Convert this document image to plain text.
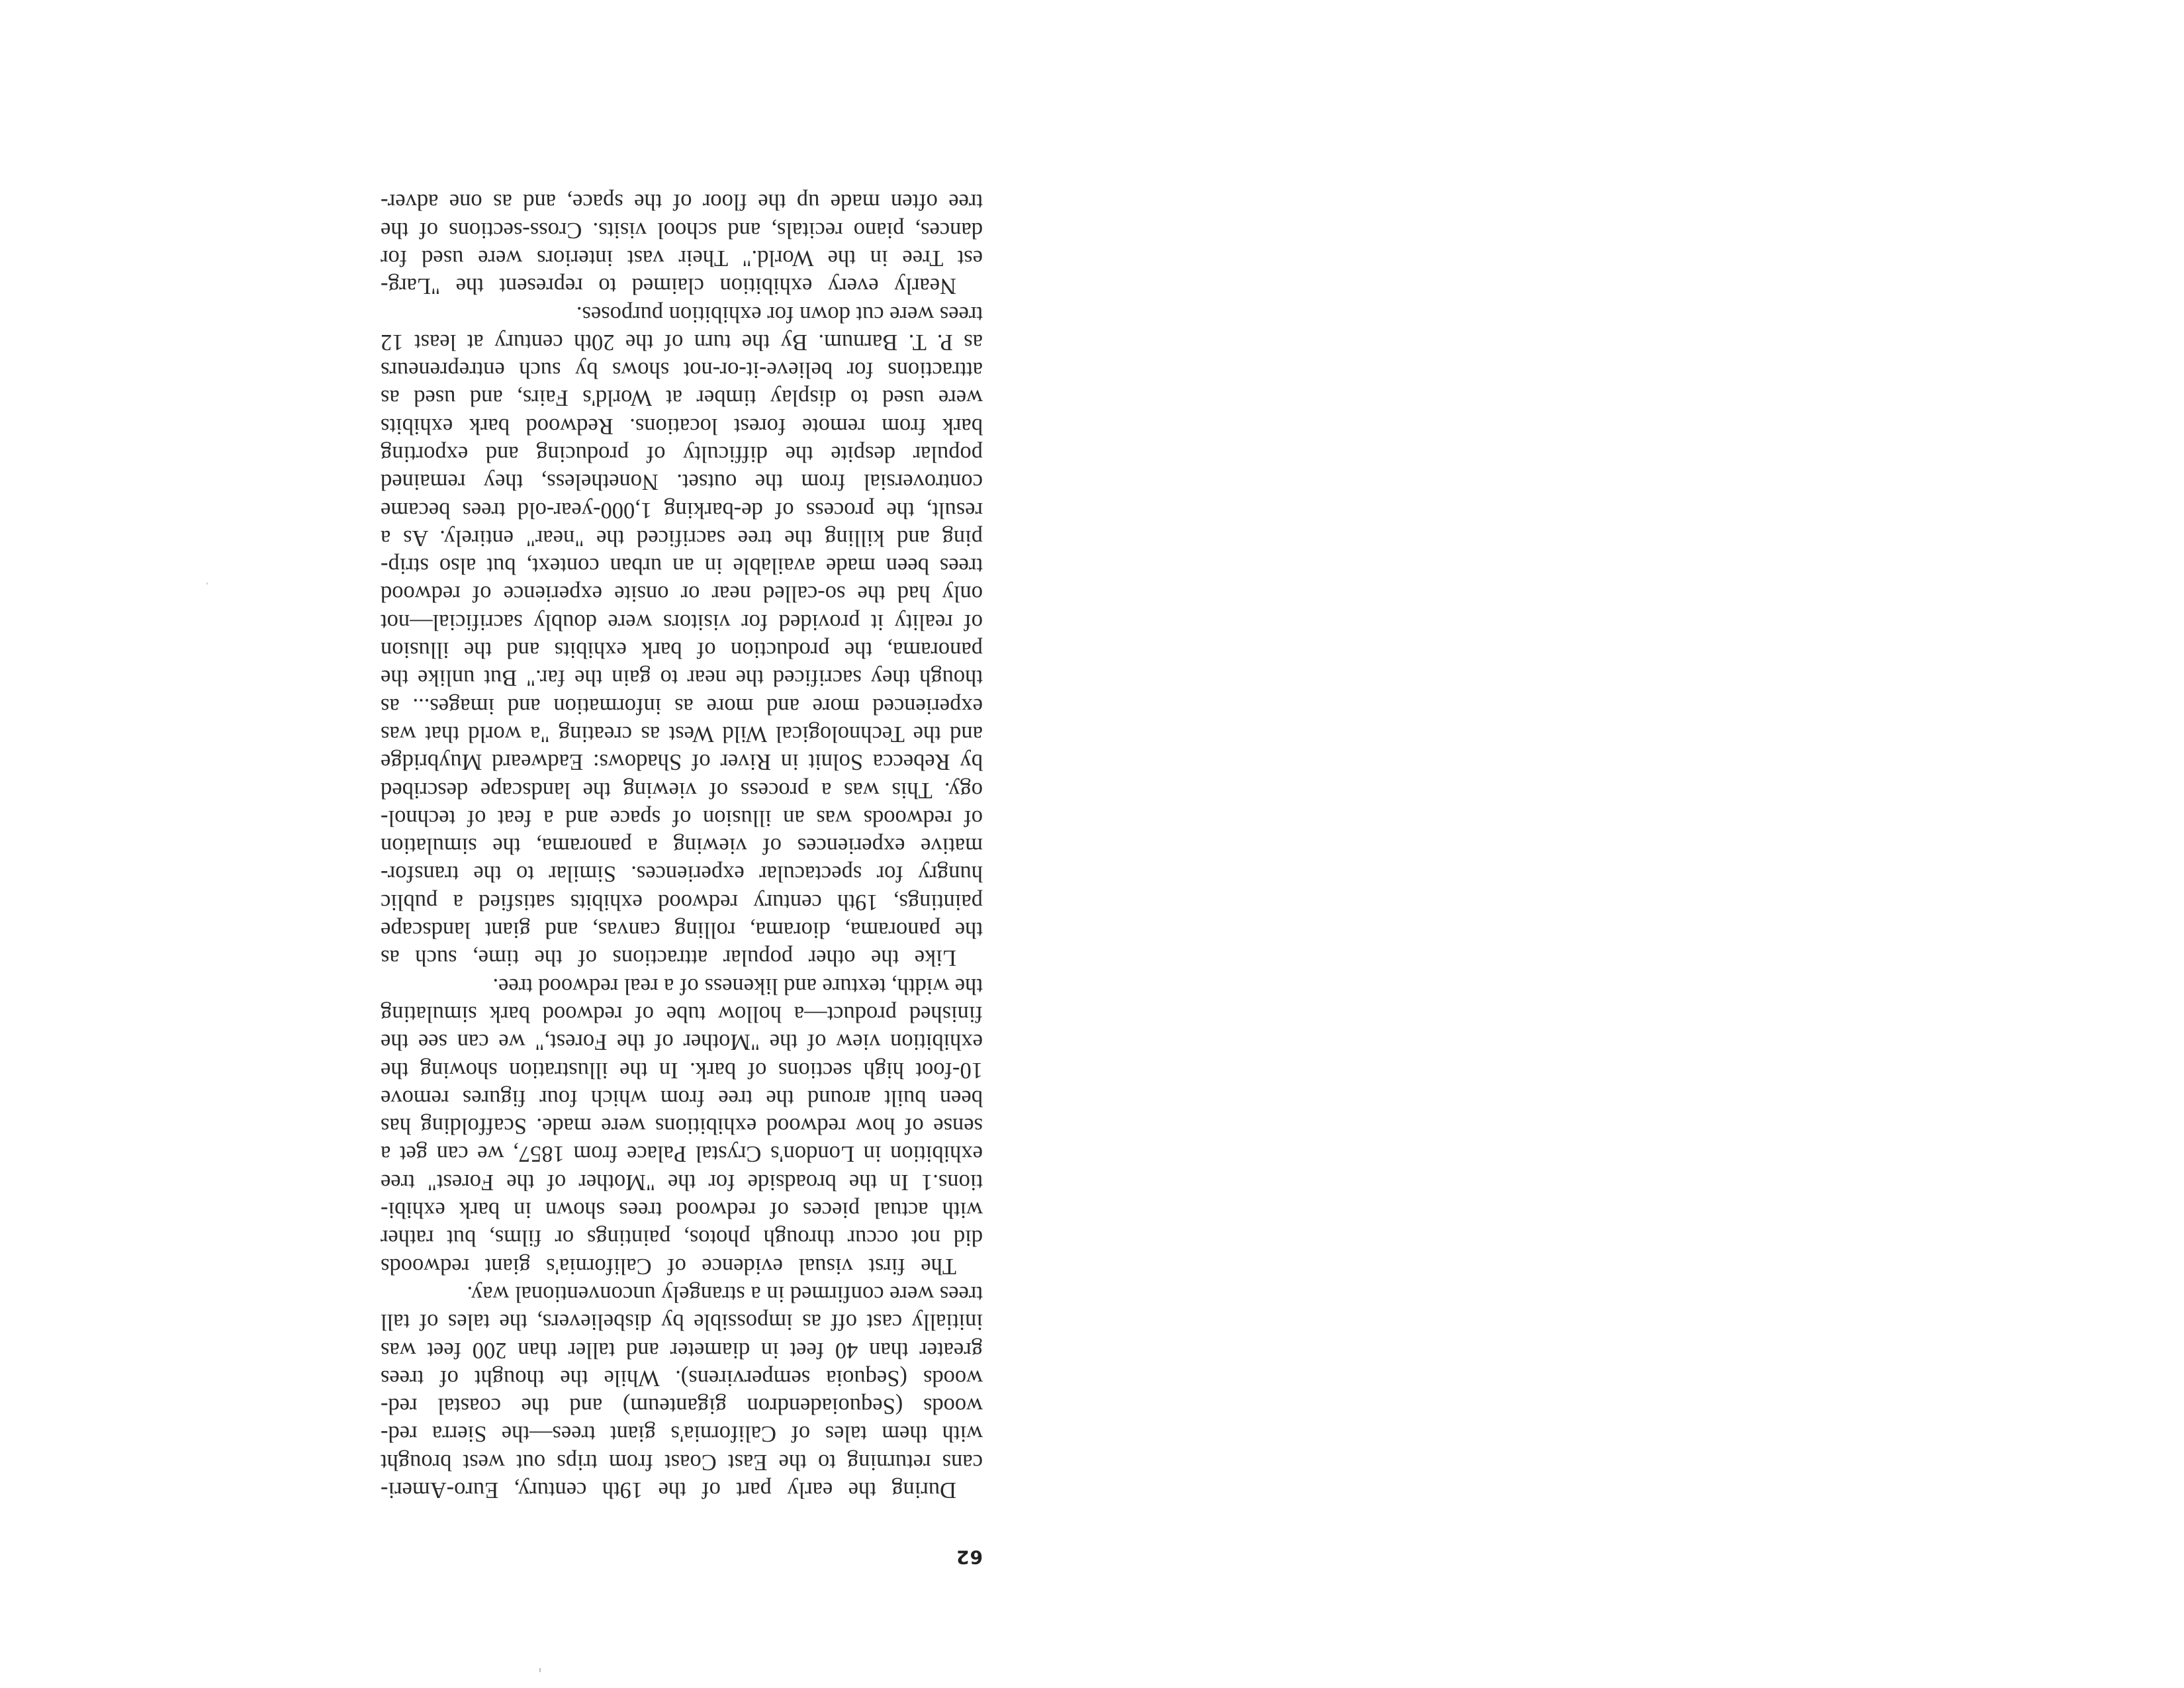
62
During the early part of the 19th century, Euro-Ameri-
cans returning to the East Coast from trips out west brought
with them tales of California's giant trees—the Sierra red-
woods (Sequoiadendron giganteum) and the coastal red-
woods (Sequoia sempervirens). While the thought of trees
greater than 40 feet in diameter and taller than 200 feet was
initially cast off as impossible by disbelievers, the tales of tall
trees were confirmed in a strangely unconventional way.
The first visual evidence of California's giant redwoods
did not occur through photos, paintings or films, but rather
with actual pieces of redwood trees shown in bark exhibi-
tions.1 In the broadside for the "Mother of the Forest" tree
exhibition in London's Crystal Palace from 1857, we can get a
sense of how redwood exhibitions were made. Scaffolding has
been built around the tree from which four figures remove
10-foot high sections of bark. In the illustration showing the
exhibition view of the "Mother of the Forest," we can see the
finished product—a hollow tube of redwood bark simulating
the width, texture and likeness of a real redwood tree.
Like the other popular attractions of the time, such as
the panorama, diorama, rolling canvas, and giant landscape
paintings, 19th century redwood exhibits satisfied a public
hungry for spectacular experiences. Similar to the transfor-
mative experiences of viewing a panorama, the simulation
of redwoods was an illusion of space and a feat of technol-
ogy. This was a process of viewing the landscape described
by Rebecca Solnit in River of Shadows: Eadweard Muybridge
and the Technological Wild West as creating "a world that was
experienced more and more as information and images... as
though they sacrificed the near to gain the far." But unlike the
panorama, the production of bark exhibits and the illusion
of reality it provided for visitors were doubly sacrificial—not
only had the so-called near or onsite experience of redwood
trees been made available in an urban context, but also strip-
ping and killing the tree sacrificed the "near" entirely. As a
result, the process of de-barking 1,000-year-old trees became
controversial from the outset. Nonetheless, they remained
popular despite the difficulty of producing and exporting
bark from remote forest locations. Redwood bark exhibits
were used to display timber at World's Fairs, and used as
attractions for believe-it-or-not shows by such entrepreneurs
as P. T. Barnum. By the turn of the 20th century at least 12
trees were cut down for exhibition purposes.
Nearly every exhibition claimed to represent the "Larg-
est Tree in the World." Their vast interiors were used for
dances, piano recitals, and school visits. Cross-sections of the
tree often made up the floor of the space, and as one adver-
